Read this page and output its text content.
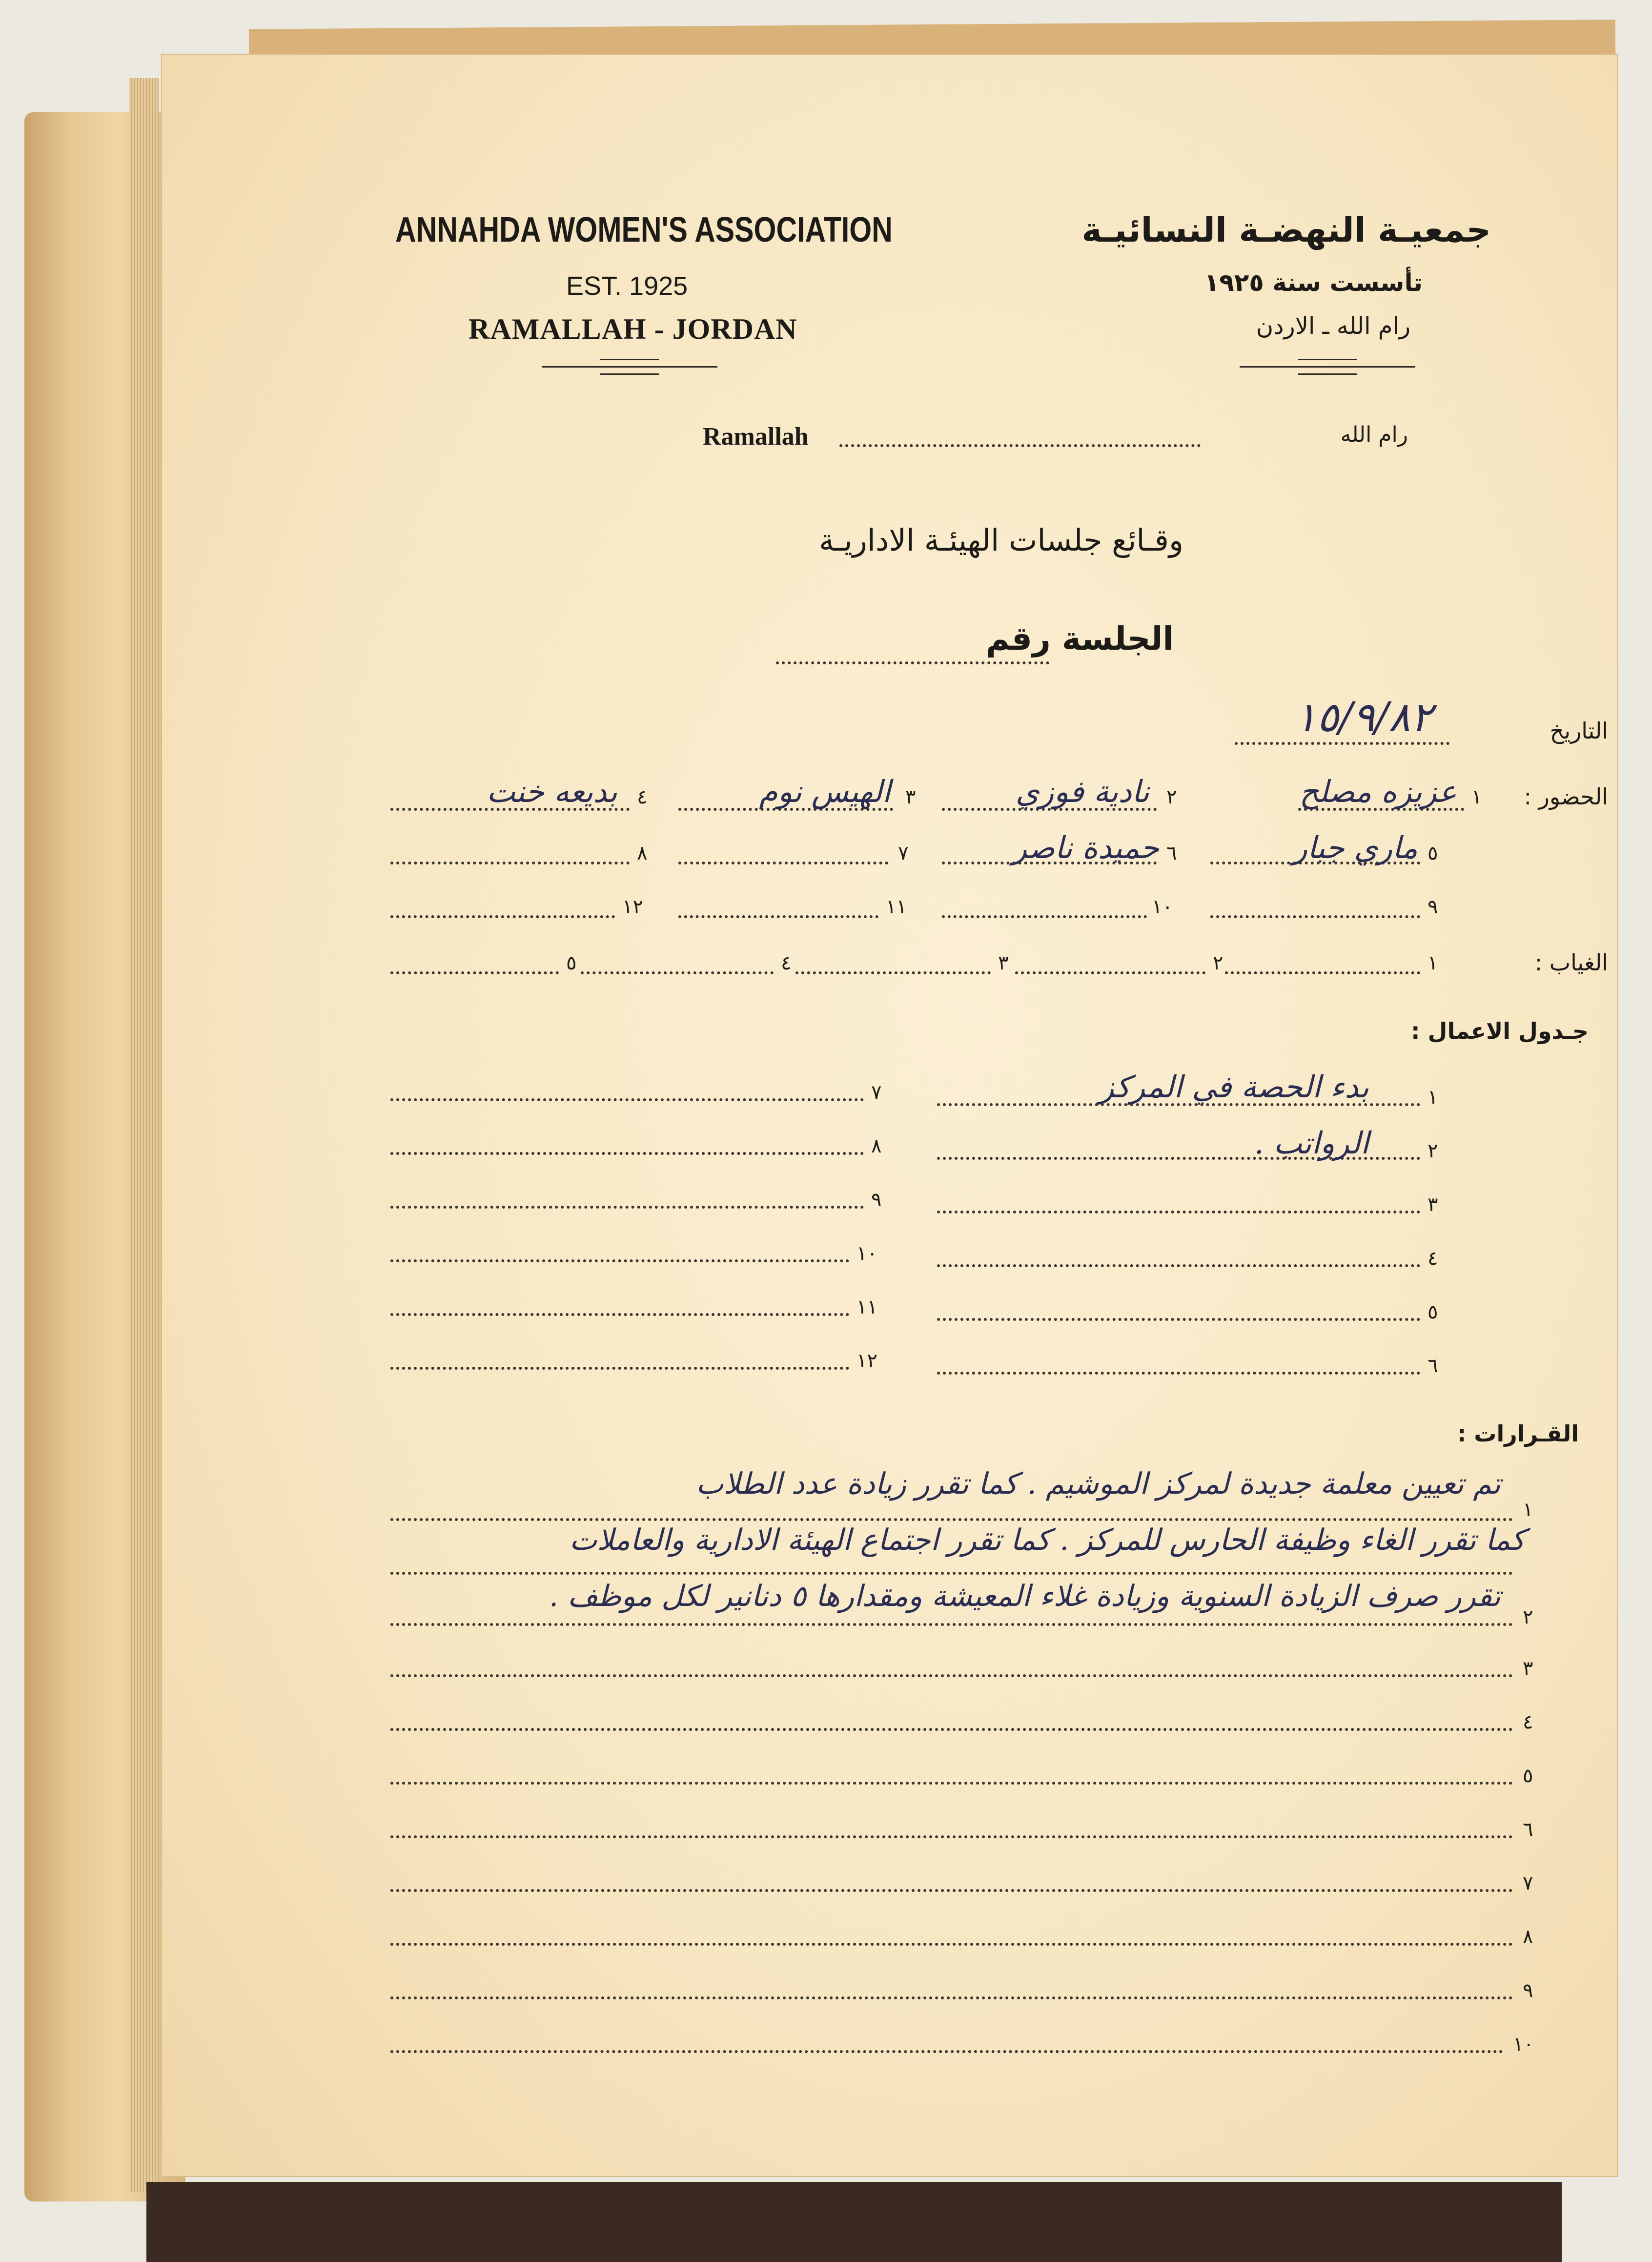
ANNAHDA WOMEN'S ASSOCIATION
EST. 1925
RAMALLAH - JORDAN
جمعيـة النهضـة النسائيـة
تأسست سنة ١٩٢٥
رام الله ـ الاردن
Ramallah	رام الله
وقـائع جلسات الهيئـة الاداريـة
الجلسة رقم
التاريخ
١٥/٩/٨٢
الحضور :
١
عزيزه مصلح
٢
نادية فوزي
٣
الهيس نوم
٤
بديعه خنت
٥
ماري جبار
٦
حميدة ناصر
٧
٨
٩
١٠
١١
١٢
الغياب :
١
٢
٣
٤
٥
جـدول الاعمال :
١
بدء الحصة في المركز
٢
الرواتب .
٣
٤
٥
٦
٧
٨
٩
١٠
١١
١٢
القـرارات :
١
تم تعيين معلمة جديدة لمركز الموشيم . كما تقرر زيادة عدد الطلاب
كما تقرر الغاء وظيفة الحارس للمركز . كما تقرر اجتماع الهيئة الادارية والعاملات
٢
تقرر صرف الزيادة السنوية وزيادة غلاء المعيشة ومقدارها ٥ دنانير لكل موظف .
٣
٤
٥
٦
٧
٨
٩
١٠
